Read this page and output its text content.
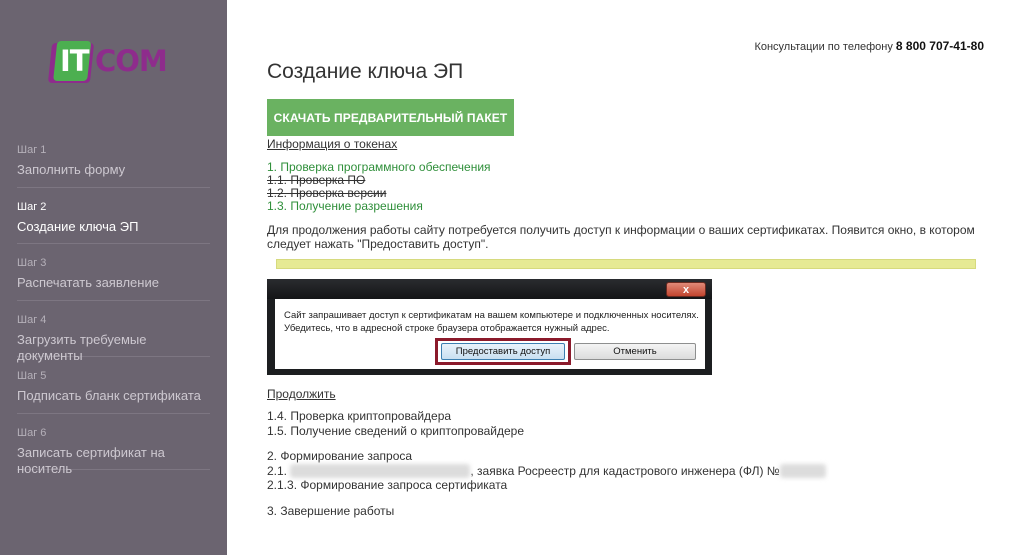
IT COM
Шаг 1
Заполнить форму
Шаг 2
Создание ключа ЭП
Шаг 3
Распечатать заявление
Шаг 4
Загрузить требуемые документы
Шаг 5
Подписать бланк сертификата
Шаг 6
Записать сертификат на носитель
Консультации по телефону 8 800 707-41-80
Создание ключа ЭП
СКАЧАТЬ ПРЕДВАРИТЕЛЬНЫЙ ПАКЕТ
Информация о токенах
1. Проверка программного обеспечения
1.1. Проверка ПО
1.2. Проверка версии
1.3. Получение разрешения
Для продолжения работы сайту потребуется получить доступ к информации о ваших сертификатах. Появится окно, в котором следует нажать "Предоставить доступ".
x
Сайт запрашивает доступ к сертификатам на вашем компьютере и подключенных носителях.
Убедитесь, что в адресной строке браузера отображается нужный адрес.
Предоставить доступ	Отменить
Продолжить
1.4. Проверка криптопровайдера
1.5. Получение сведений о криптопровайдере
2. Формирование запроса
2.1.	, заявка Росреестр для кадастрового инженера (ФЛ) №
2.1.3. Формирование запроса сертификата
3. Завершение работы
